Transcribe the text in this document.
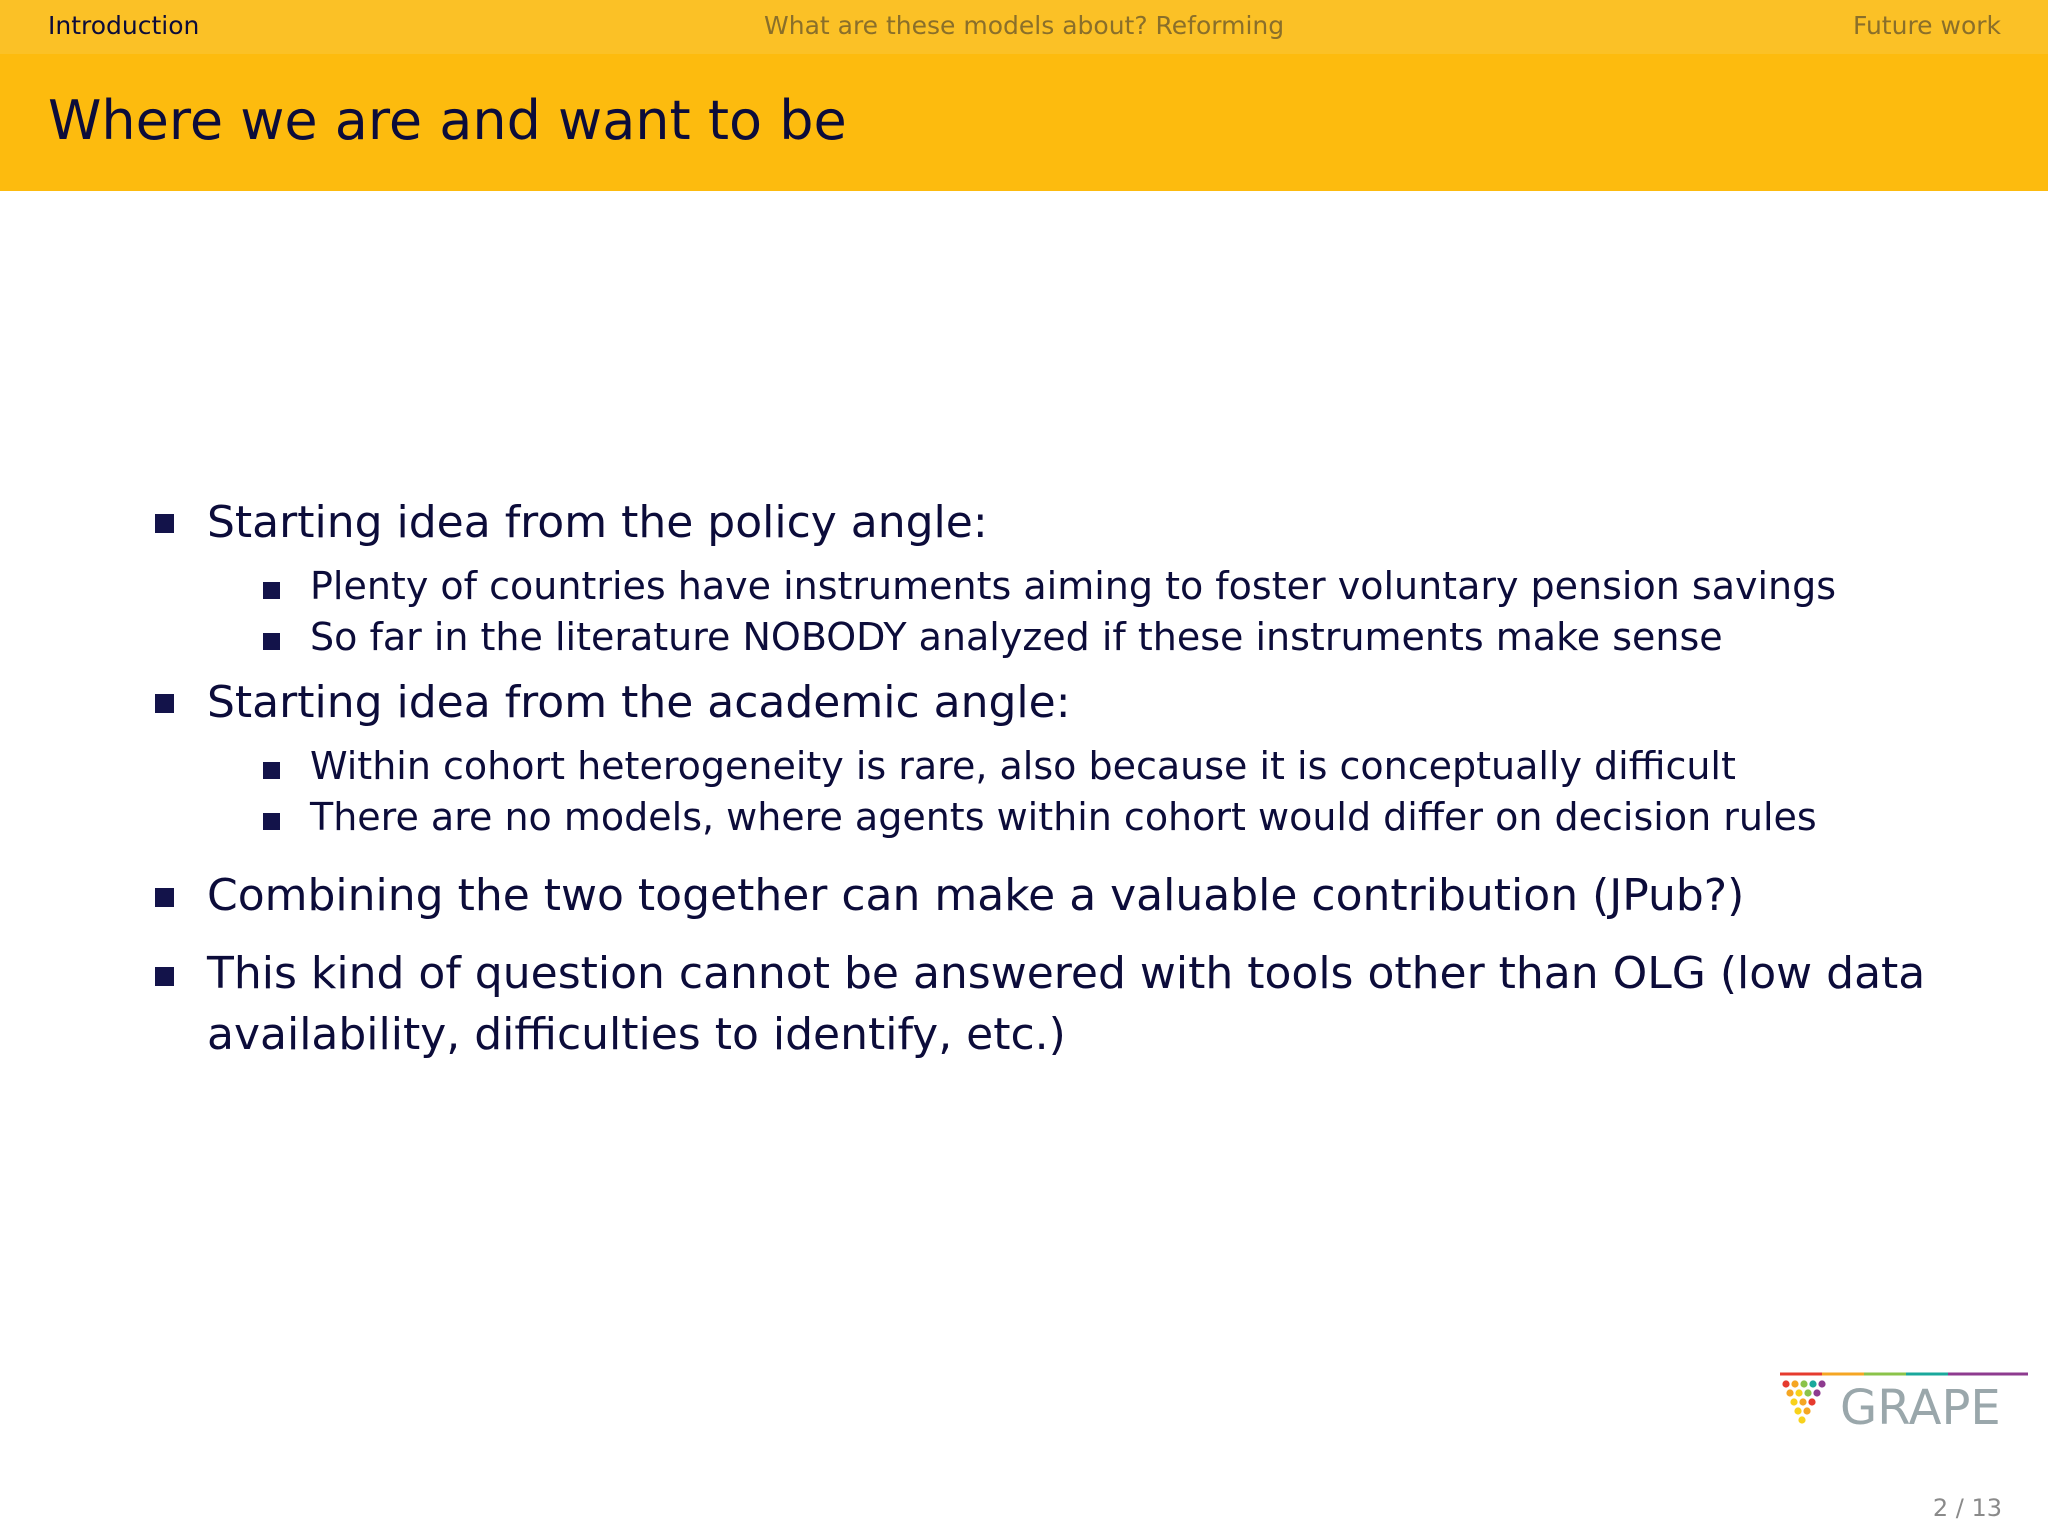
Introduction	What are these models about? Reforming	Future work
Where we are and want to be
Starting idea from the policy angle:
Plenty of countries have instruments aiming to foster voluntary pension savings
So far in the literature NOBODY analyzed if these instruments make sense
Starting idea from the academic angle:
Within cohort heterogeneity is rare, also because it is conceptually difficult
There are no models, where agents within cohort would differ on decision rules
Combining the two together can make a valuable contribution (JPub?)
This kind of question cannot be answered with tools other than OLG (low data
availability, difficulties to identify, etc.)
GRAPE
2 / 13
